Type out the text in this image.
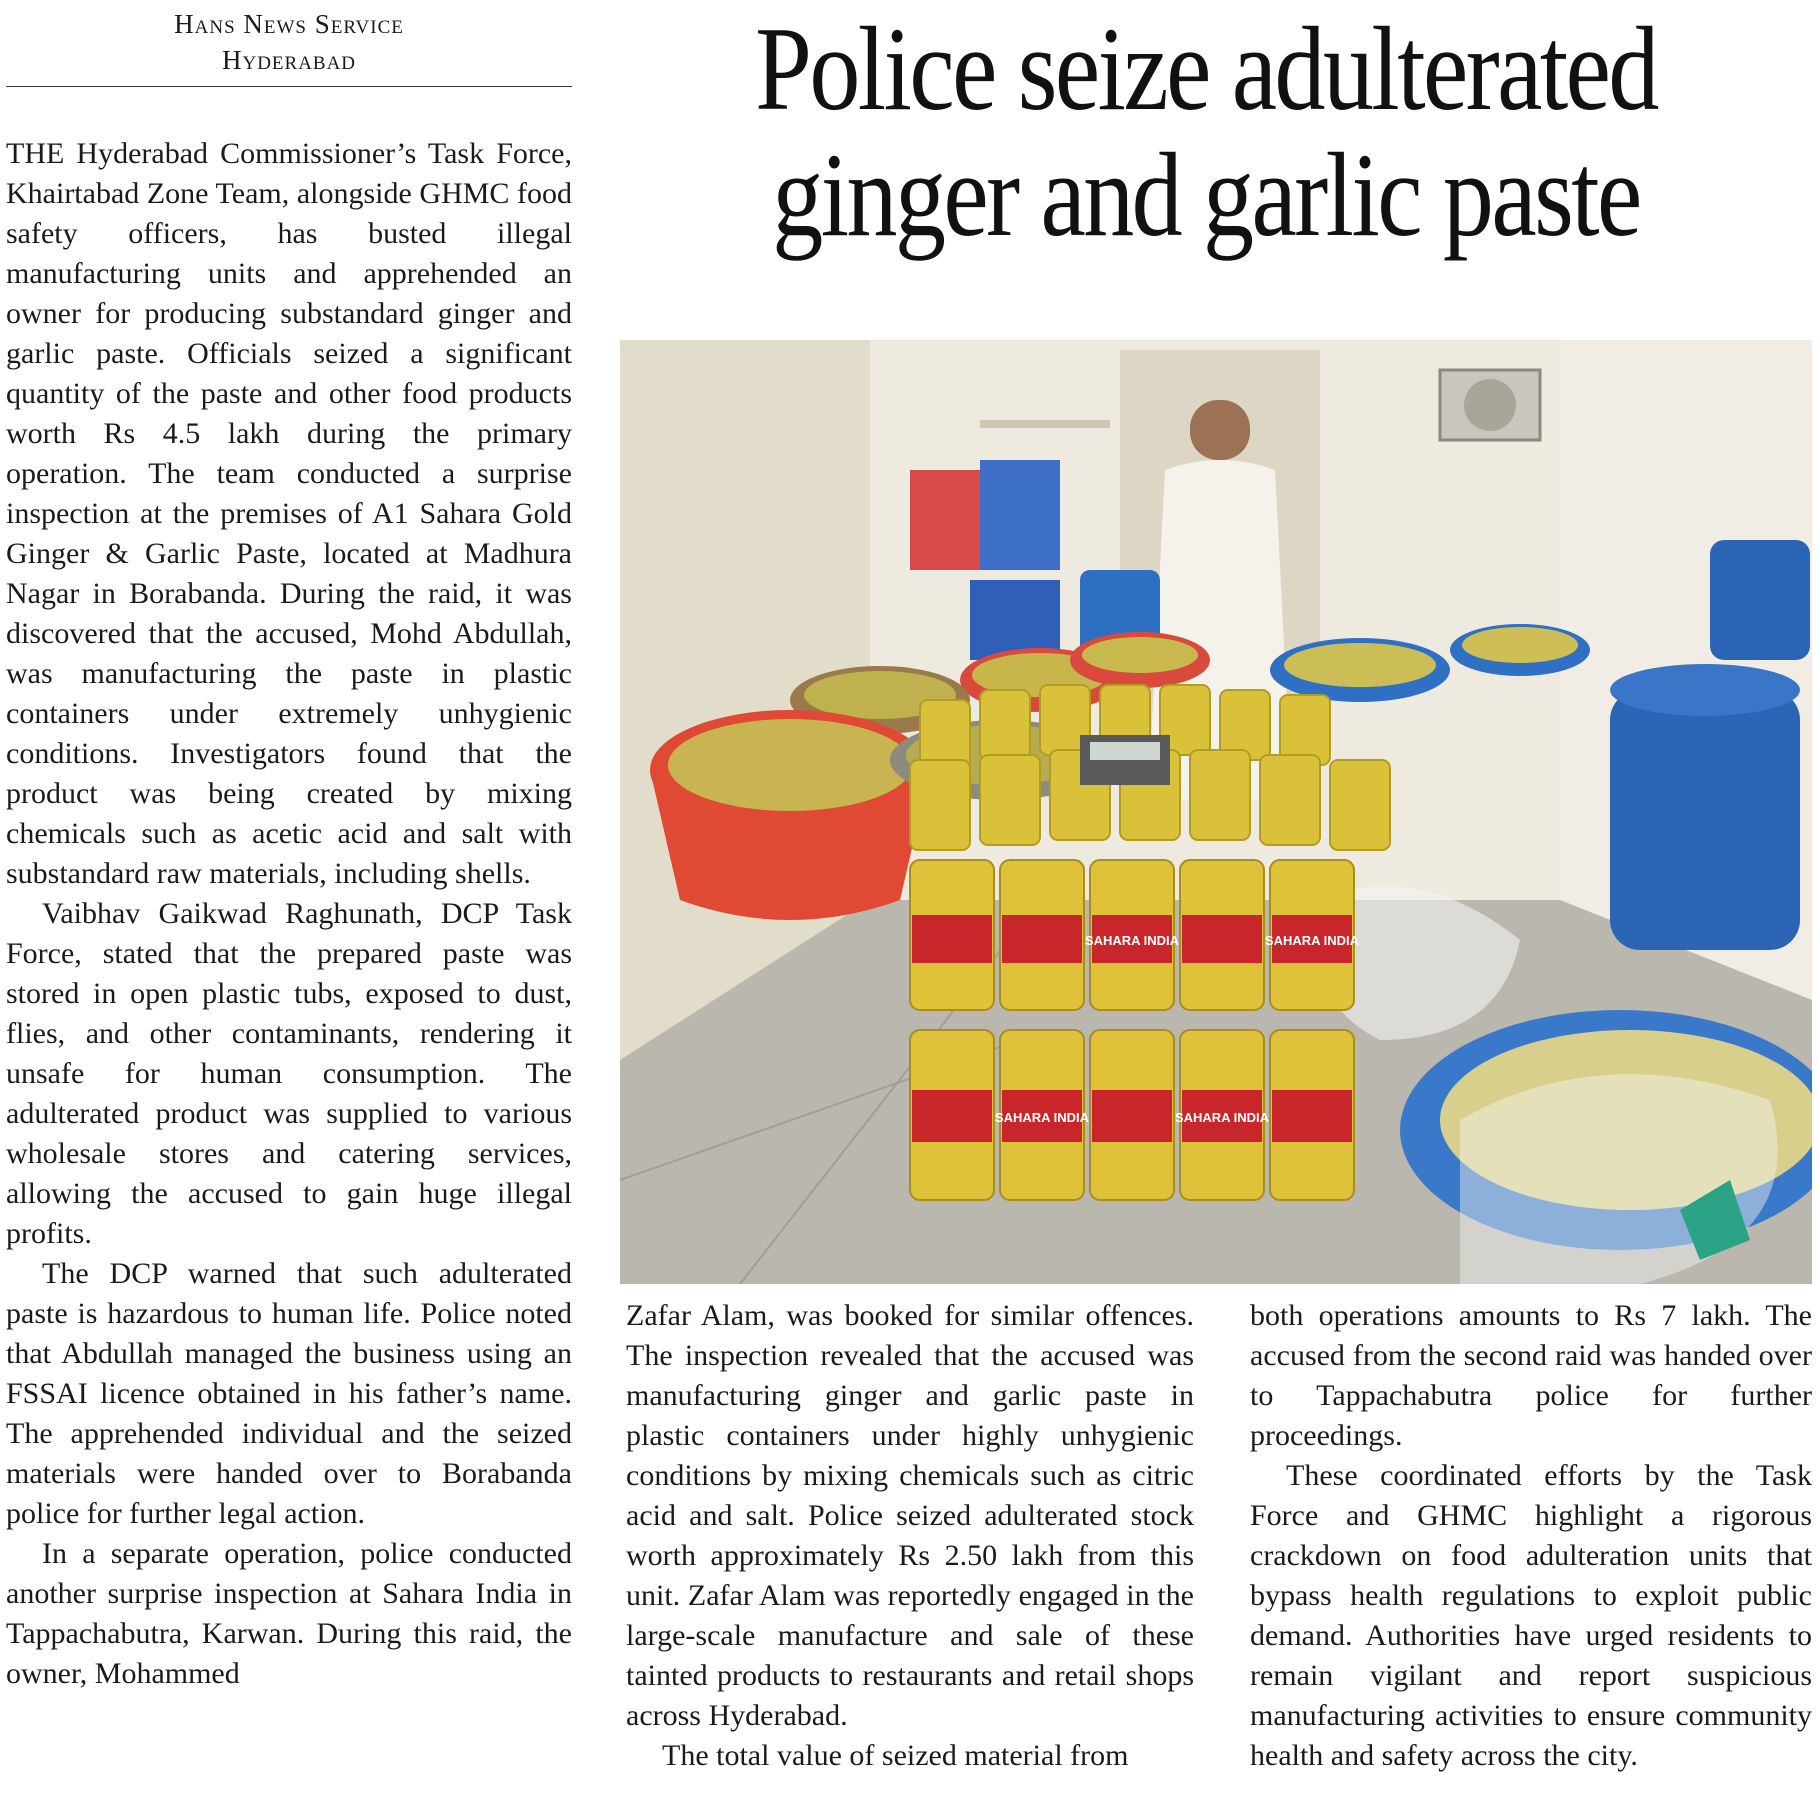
Hans News Service
Hyderabad	Police seize adulterated
ginger and garlic paste

THE Hyderabad Commissioner’s Task Force, Khairtabad Zone Team, alongside GHMC food safety officers, has busted illegal manufacturing units and apprehended an owner for producing substandard ginger and garlic paste. Officials seized a significant quantity of the paste and other food products worth Rs 4.5 lakh during the primary operation. The team conducted a surprise inspection at the premises of A1 Sahara Gold Ginger & Garlic Paste, located at Madhura Nagar in Borabanda. During the raid, it was discovered that the accused, Mohd Abdullah, was manufacturing the paste in plastic containers under extremely unhygienic conditions. Investigators found that the product was being created by mixing chemicals such as acetic acid and salt with substandard raw materials, including shells.

Vaibhav Gaikwad Raghunath, DCP Task Force, stated that the prepared paste was stored in open plastic tubs, exposed to dust, flies, and other contaminants, rendering it unsafe for human consumption. The adulterated product was supplied to various wholesale stores and catering services, allowing the accused to gain huge illegal profits.

The DCP warned that such adulterated paste is hazardous to human life. Police noted that Abdullah managed the business using an FSSAI licence obtained in his father’s name. The apprehended individual and the seized materials were handed over to Borabanda police for further legal action.

In a separate operation, police conducted another surprise inspection at Sahara India in Tappachabutra, Karwan. During this raid, the owner, Mohammed

SAHARA INDIA	SAHARA INDIA
SAHARA INDIA	SAHARA INDIA

Zafar Alam, was booked for similar offences. The inspection revealed that the accused was manufacturing ginger and garlic paste in plastic containers under highly unhygienic conditions by mixing chemicals such as citric acid and salt. Police seized adulterated stock worth approximately Rs 2.50 lakh from this unit. Zafar Alam was reportedly engaged in the large-scale manufacture and sale of these tainted products to restaurants and retail shops across Hyderabad.

The total value of seized material from

both operations amounts to Rs 7 lakh. The accused from the second raid was handed over to Tappachabutra police for further proceedings.

These coordinated efforts by the Task Force and GHMC highlight a rigorous crackdown on food adulteration units that bypass health regulations to exploit public demand. Authorities have urged residents to remain vigilant and report suspicious manufacturing activities to ensure community health and safety across the city.
